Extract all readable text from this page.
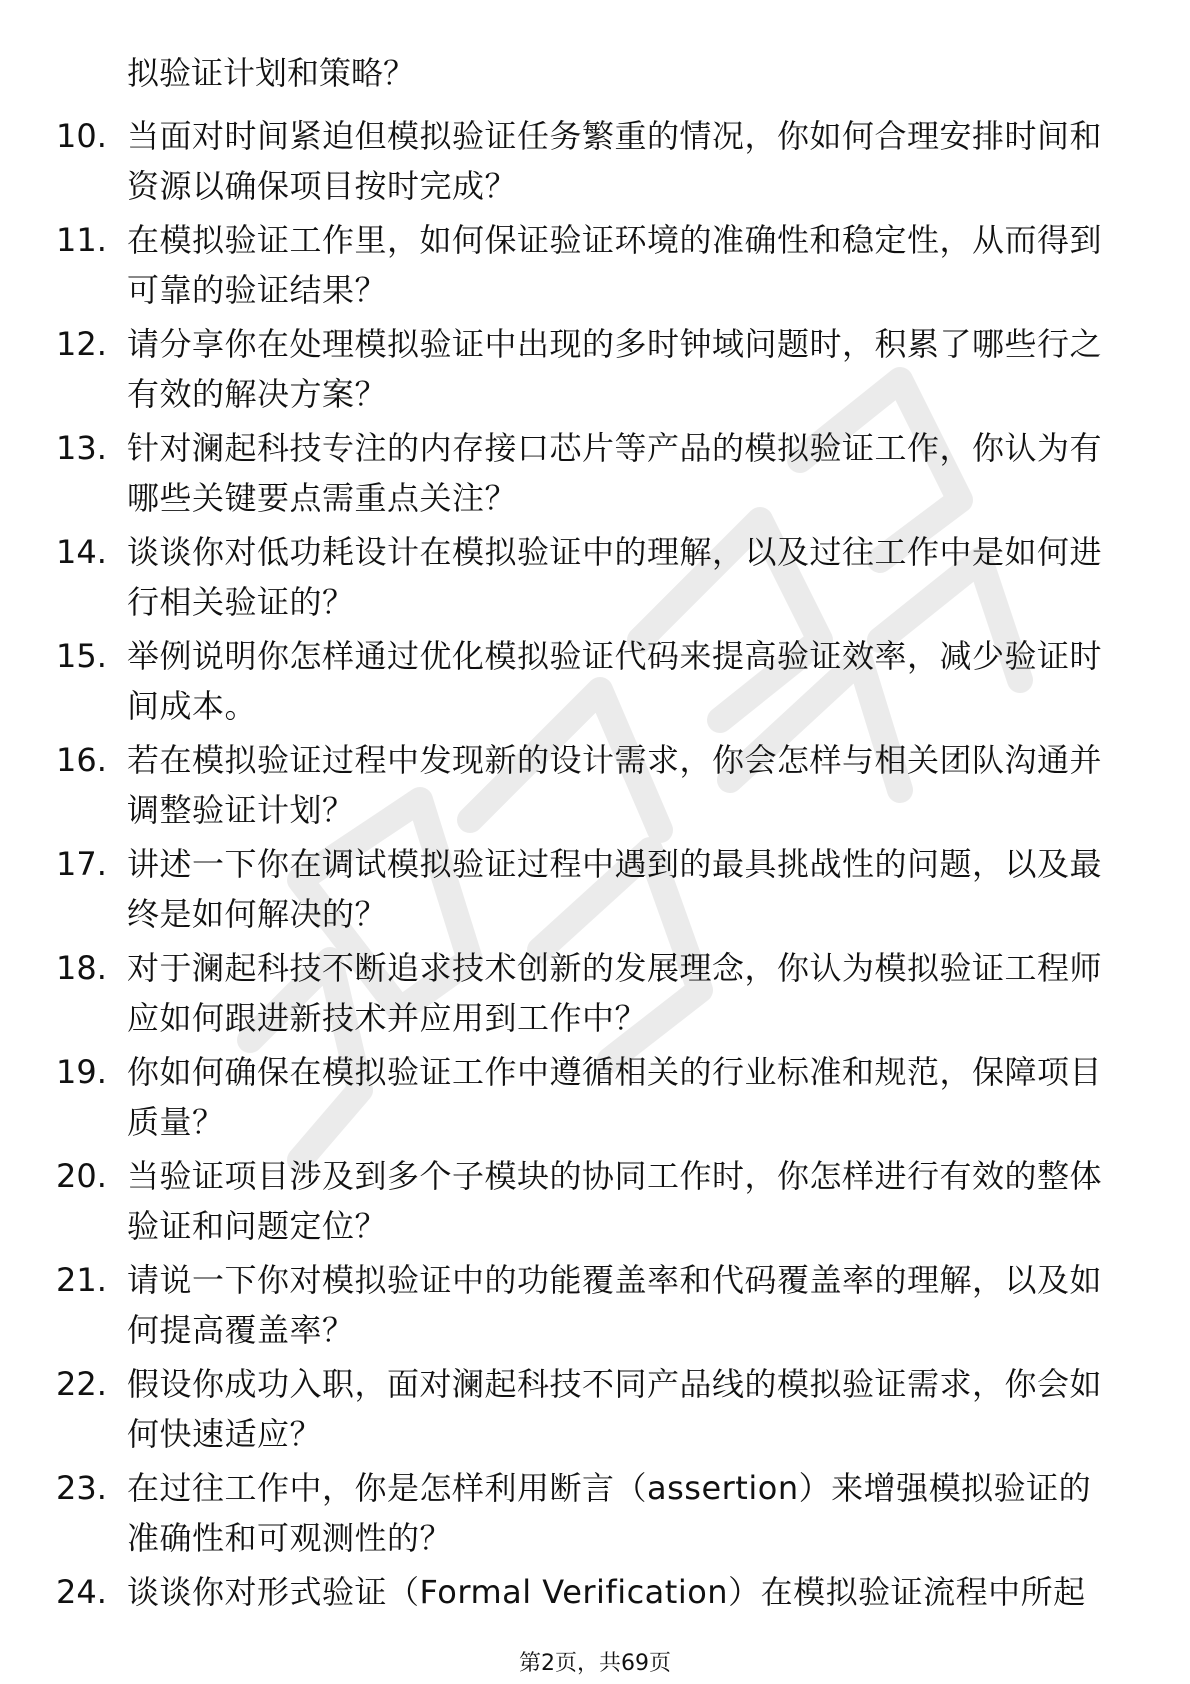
拟验证计划和策略？
10. 当面对时间紧迫但模拟验证任务繁重的情况，你如何合理安排时间和资源以确保项目按时完成？
11. 在模拟验证工作里，如何保证验证环境的准确性和稳定性，从而得到可靠的验证结果？
12. 请分享你在处理模拟验证中出现的多时钟域问题时，积累了哪些行之有效的解决方案？
13. 针对澜起科技专注的内存接口芯片等产品的模拟验证工作，你认为有哪些关键要点需重点关注？
14. 谈谈你对低功耗设计在模拟验证中的理解，以及过往工作中是如何进行相关验证的？
15. 举例说明你怎样通过优化模拟验证代码来提高验证效率，减少验证时间成本。
16. 若在模拟验证过程中发现新的设计需求，你会怎样与相关团队沟通并调整验证计划？
17. 讲述一下你在调试模拟验证过程中遇到的最具挑战性的问题，以及最终是如何解决的？
18. 对于澜起科技不断追求技术创新的发展理念，你认为模拟验证工程师应如何跟进新技术并应用到工作中？
19. 你如何确保在模拟验证工作中遵循相关的行业标准和规范，保障项目质量？
20. 当验证项目涉及到多个子模块的协同工作时，你怎样进行有效的整体验证和问题定位？
21. 请说一下你对模拟验证中的功能覆盖率和代码覆盖率的理解，以及如何提高覆盖率？
22. 假设你成功入职，面对澜起科技不同产品线的模拟验证需求，你会如何快速适应？
23. 在过往工作中，你是怎样利用断言（assertion）来增强模拟验证的准确性和可观测性的？
24. 谈谈你对形式验证（Formal Verification）在模拟验证流程中所起
第2页，共69页
